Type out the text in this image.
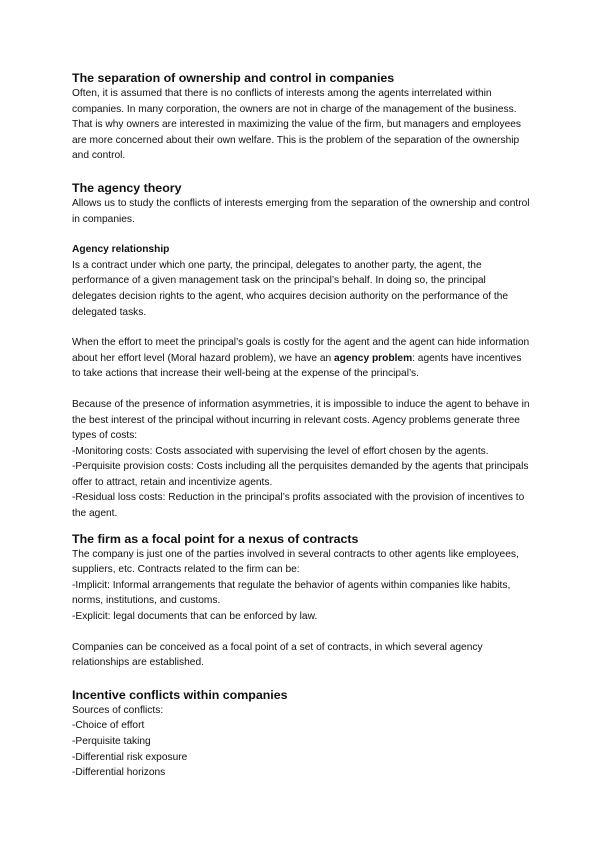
The separation of ownership and control in companies

Often, it is assumed that there is no conflicts of interests among the agents interrelated within companies. In many corporation, the owners are not in charge of the management of the business. That is why owners are interested in maximizing the value of the firm, but managers and employees are more concerned about their own welfare. This is the problem of the separation of the ownership and control.

The agency theory

Allows us to study the conflicts of interests emerging from the separation of the ownership and control in companies.

Agency relationship

Is a contract under which one party, the principal, delegates to another party, the agent, the performance of a given management task on the principal’s behalf. In doing so, the principal delegates decision rights to the agent, who acquires decision authority on the performance of the delegated tasks.

When the effort to meet the principal’s goals is costly for the agent and the agent can hide information about her effort level (Moral hazard problem), we have an agency problem: agents have incentives to take actions that increase their well-being at the expense of the principal’s.

Because of the presence of information asymmetries, it is impossible to induce the agent to behave in the best interest of the principal without incurring in relevant costs. Agency problems generate three types of costs:

-Monitoring costs: Costs associated with supervising the level of effort chosen by the agents.

-Perquisite provision costs: Costs including all the perquisites demanded by the agents that principals offer to attract, retain and incentivize agents.

-Residual loss costs: Reduction in the principal’s profits associated with the provision of incentives to the agent.

The firm as a focal point for a nexus of contracts

The company is just one of the parties involved in several contracts to other agents like employees, suppliers, etc. Contracts related to the firm can be:

-Implicit: Informal arrangements that regulate the behavior of agents within companies like habits, norms, institutions, and customs.

-Explicit: legal documents that can be enforced by law.

Companies can be conceived as a focal point of a set of contracts, in which several agency relationships are established.

Incentive conflicts within companies

Sources of conflicts:

-Choice of effort

-Perquisite taking

-Differential risk exposure

-Differential horizons
